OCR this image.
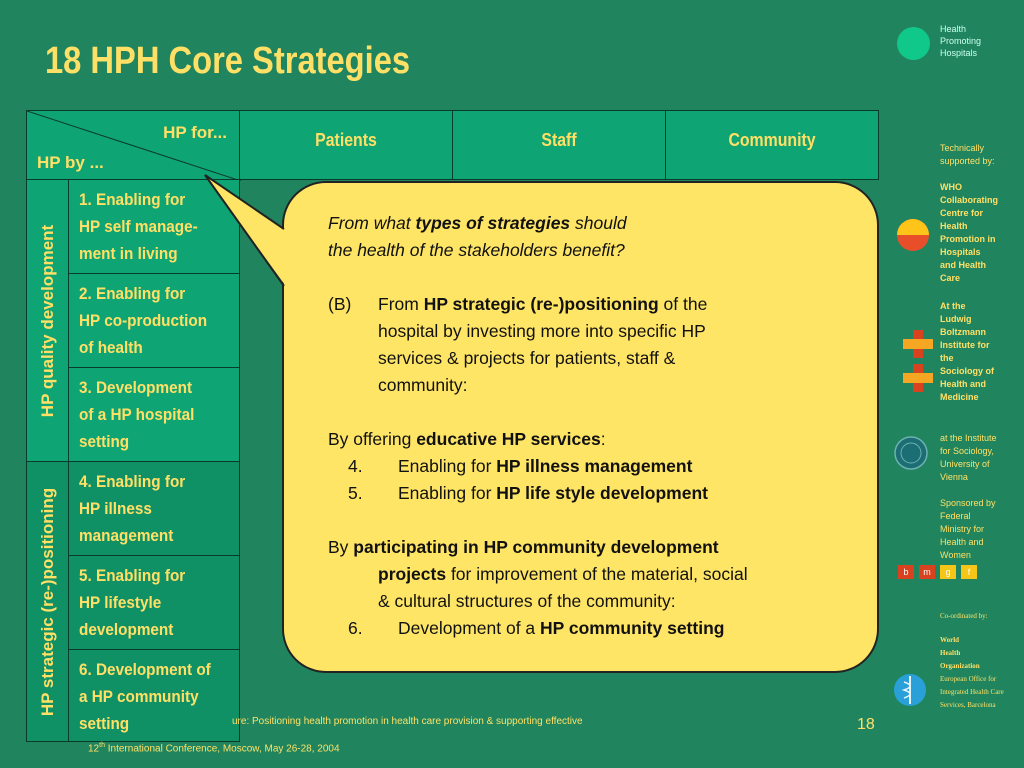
18 HPH Core Strategies
Health
Promoting
Hospitals
HP for...
HP by ...
Patients	Staff	Community
HP quality development
HP strategic (re-)positioning
1. Enabling for
HP self manage-
ment in living
2. Enabling for
HP co-production
of health
3. Development
of a HP hospital
setting
4. Enabling for
HP illness
management
5. Enabling for
HP lifestyle
development
6. Development of
a HP community
setting
From what types of strategies should
the health of the stakeholders benefit?
(B) From HP strategic (re-)positioning of the
hospital by investing more into specific HP
services & projects for patients, staff &
community:
By offering educative HP services:
4. Enabling for HP illness management
5. Enabling for HP life style development
By participating in HP community development
projects for improvement of the material, social
& cultural structures of the community:
6. Development of a HP community setting
Technically
supported by:
WHO
Collaborating
Centre for
Health
Promotion in
Hospitals
and Health
Care
At the
Ludwig
Boltzmann
Institute for
the
Sociology of
Health and
Medicine
at the Institute
for Sociology,
University of
Vienna
Sponsored by
Federal
Ministry for
Health and
Women
b	m	g	f
Co-ordinated by:
World
Health
Organization
European Office for
Integrated Health Care
Services, Barcelona
ure: Positioning health promotion in health care provision & supporting effective
12th International Conference, Moscow, May 26-28, 2004
18
